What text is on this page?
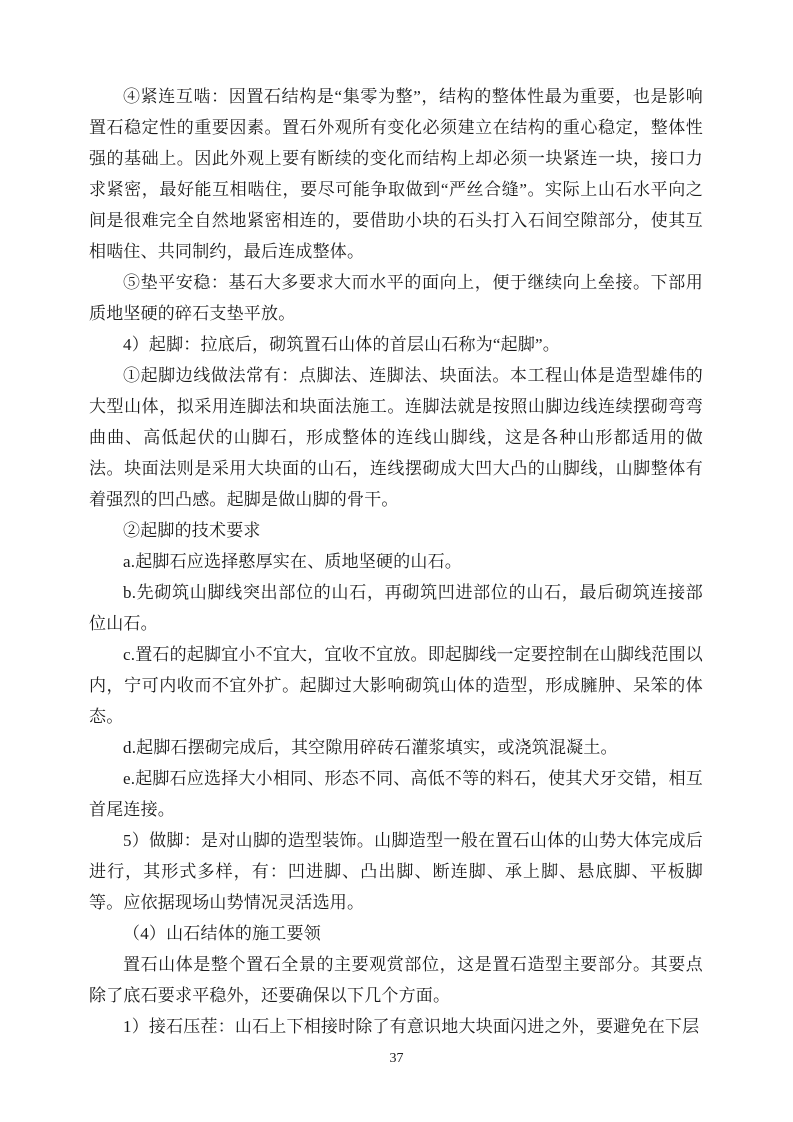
④紧连互啮：因置石结构是“集零为整”，结构的整体性最为重要，也是影响置石稳定性的重要因素。置石外观所有变化必须建立在结构的重心稳定，整体性强的基础上。因此外观上要有断续的变化而结构上却必须一块紧连一块，接口力求紧密，最好能互相啮住，要尽可能争取做到“严丝合缝”。实际上山石水平向之间是很难完全自然地紧密相连的，要借助小块的石头打入石间空隙部分，使其互相啮住、共同制约，最后连成整体。

⑤垫平安稳：基石大多要求大而水平的面向上，便于继续向上垒接。下部用质地坚硬的碎石支垫平放。

4）起脚：拉底后，砌筑置石山体的首层山石称为“起脚”。

①起脚边线做法常有：点脚法、连脚法、块面法。本工程山体是造型雄伟的大型山体，拟采用连脚法和块面法施工。连脚法就是按照山脚边线连续摆砌弯弯曲曲、高低起伏的山脚石，形成整体的连线山脚线，这是各种山形都适用的做法。块面法则是采用大块面的山石，连线摆砌成大凹大凸的山脚线，山脚整体有着强烈的凹凸感。起脚是做山脚的骨干。

②起脚的技术要求

a.起脚石应选择憨厚实在、质地坚硬的山石。

b.先砌筑山脚线突出部位的山石，再砌筑凹进部位的山石，最后砌筑连接部位山石。

c.置石的起脚宜小不宜大，宜收不宜放。即起脚线一定要控制在山脚线范围以内，宁可内收而不宜外扩。起脚过大影响砌筑山体的造型，形成臃肿、呆笨的体态。

d.起脚石摆砌完成后，其空隙用碎砖石灌浆填实，或浇筑混凝土。

e.起脚石应选择大小相同、形态不同、高低不等的料石，使其犬牙交错，相互首尾连接。

5）做脚：是对山脚的造型装饰。山脚造型一般在置石山体的山势大体完成后进行，其形式多样，有：凹进脚、凸出脚、断连脚、承上脚、悬底脚、平板脚等。应依据现场山势情况灵活选用。

（4）山石结体的施工要领

置石山体是整个置石全景的主要观赏部位，这是置石造型主要部分。其要点除了底石要求平稳外，还要确保以下几个方面。

1）接石压茬：山石上下相接时除了有意识地大块面闪进之外，要避免在下层

37
